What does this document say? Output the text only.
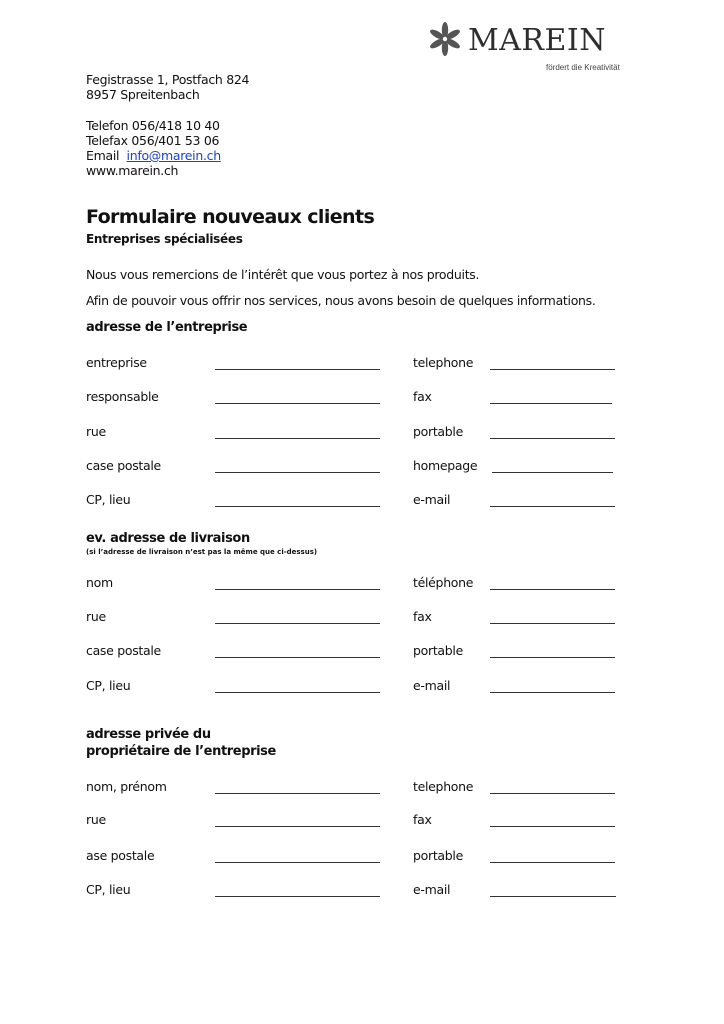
MAREIN
fördert die Kreativität
Fegistrasse 1, Postfach 824
8957 Spreitenbach
Telefon 056/418 10 40
Telefax 056/401 53 06
Email info@marein.ch
www.marein.ch
Formulaire nouveaux clients
Entreprises spécialisées
Nous vous remercions de l’intérêt que vous portez à nos produits.
Afin de pouvoir vous offrir nos services, nous avons besoin de quelques informations.
adresse de l’entreprise
entreprise	telephone
responsable	fax
rue	portable
case postale	homepage
CP, lieu	e-mail
ev. adresse de livraison
(si l’adresse de livraison n’est pas la même que ci-dessus)
nom	téléphone
rue	fax
case postale	portable
CP, lieu	e-mail
adresse privée du
propriétaire de l’entreprise
nom, prénom	telephone
rue	fax
ase postale	portable
CP, lieu	e-mail
